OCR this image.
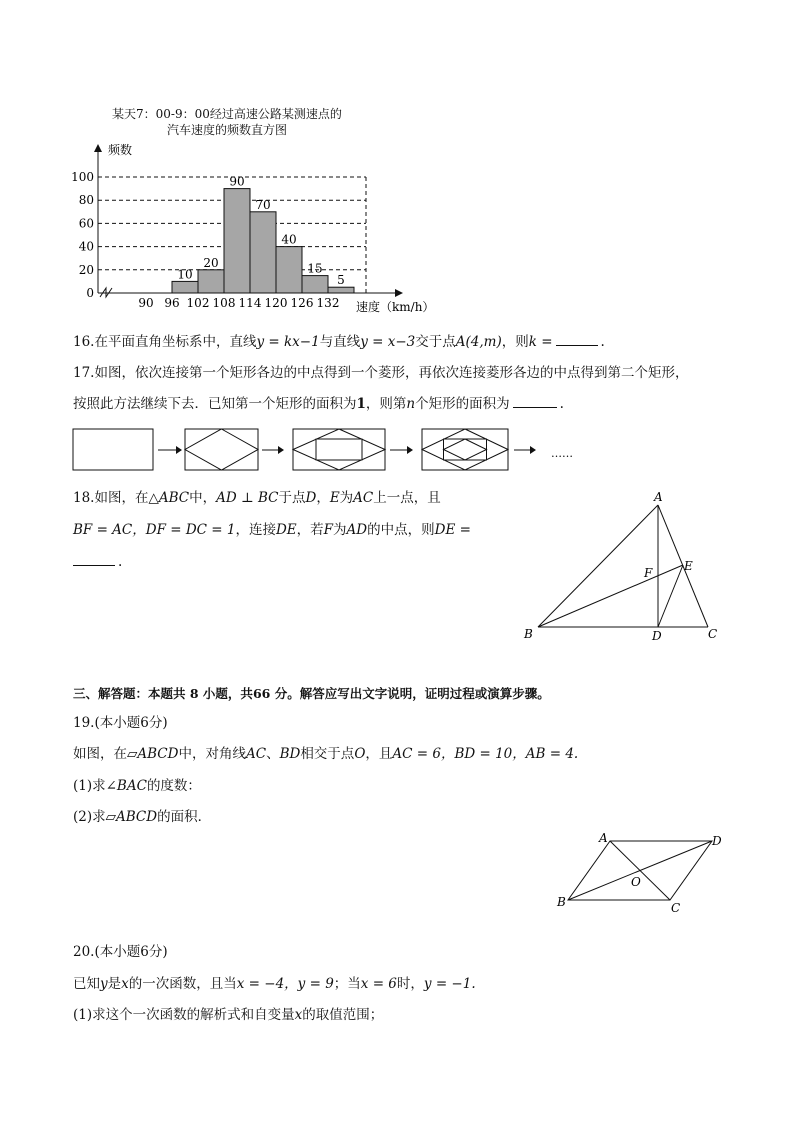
某天7：00-9：00经过高速公路某测速点的
汽车速度的频数直方图
10
20
90
70
40
15
5
0
20
40
60
80
100
90 96 102 108 114 120 126 132
频数
速度（km/h）
16.在平面直角坐标系中，直线y = kx−1与直线y = x−3交于点A(4,m)，则k =	.
17.如图，依次连接第一个矩形各边的中点得到一个菱形，再依次连接菱形各边的中点得到第二个矩形，
按照此方法继续下去．已知第一个矩形的面积为1，则第n个矩形的面积为	.
……
18.如图，在△ABC中，AD ⊥ BC于点D，E为AC上一点，且
BF = AC，DF = DC = 1，连接DE，若F为AD的中点，则DE =
.
A
B	C
D
E
F
三、解答题：本题共 8 小题，共66 分。解答应写出文字说明，证明过程或演算步骤。
19.(本小题6分)
如图，在▱ABCD中，对角线AC、BD相交于点O，且AC = 6，BD = 10，AB = 4.
(1)求∠BAC的度数：
(2)求▱ABCD的面积．
A	D
B	C
O
20.(本小题6分)
已知y是x的一次函数，且当x = −4，y = 9；当x = 6时，y = −1.
(1)求这个一次函数的解析式和自变量x的取值范围；
